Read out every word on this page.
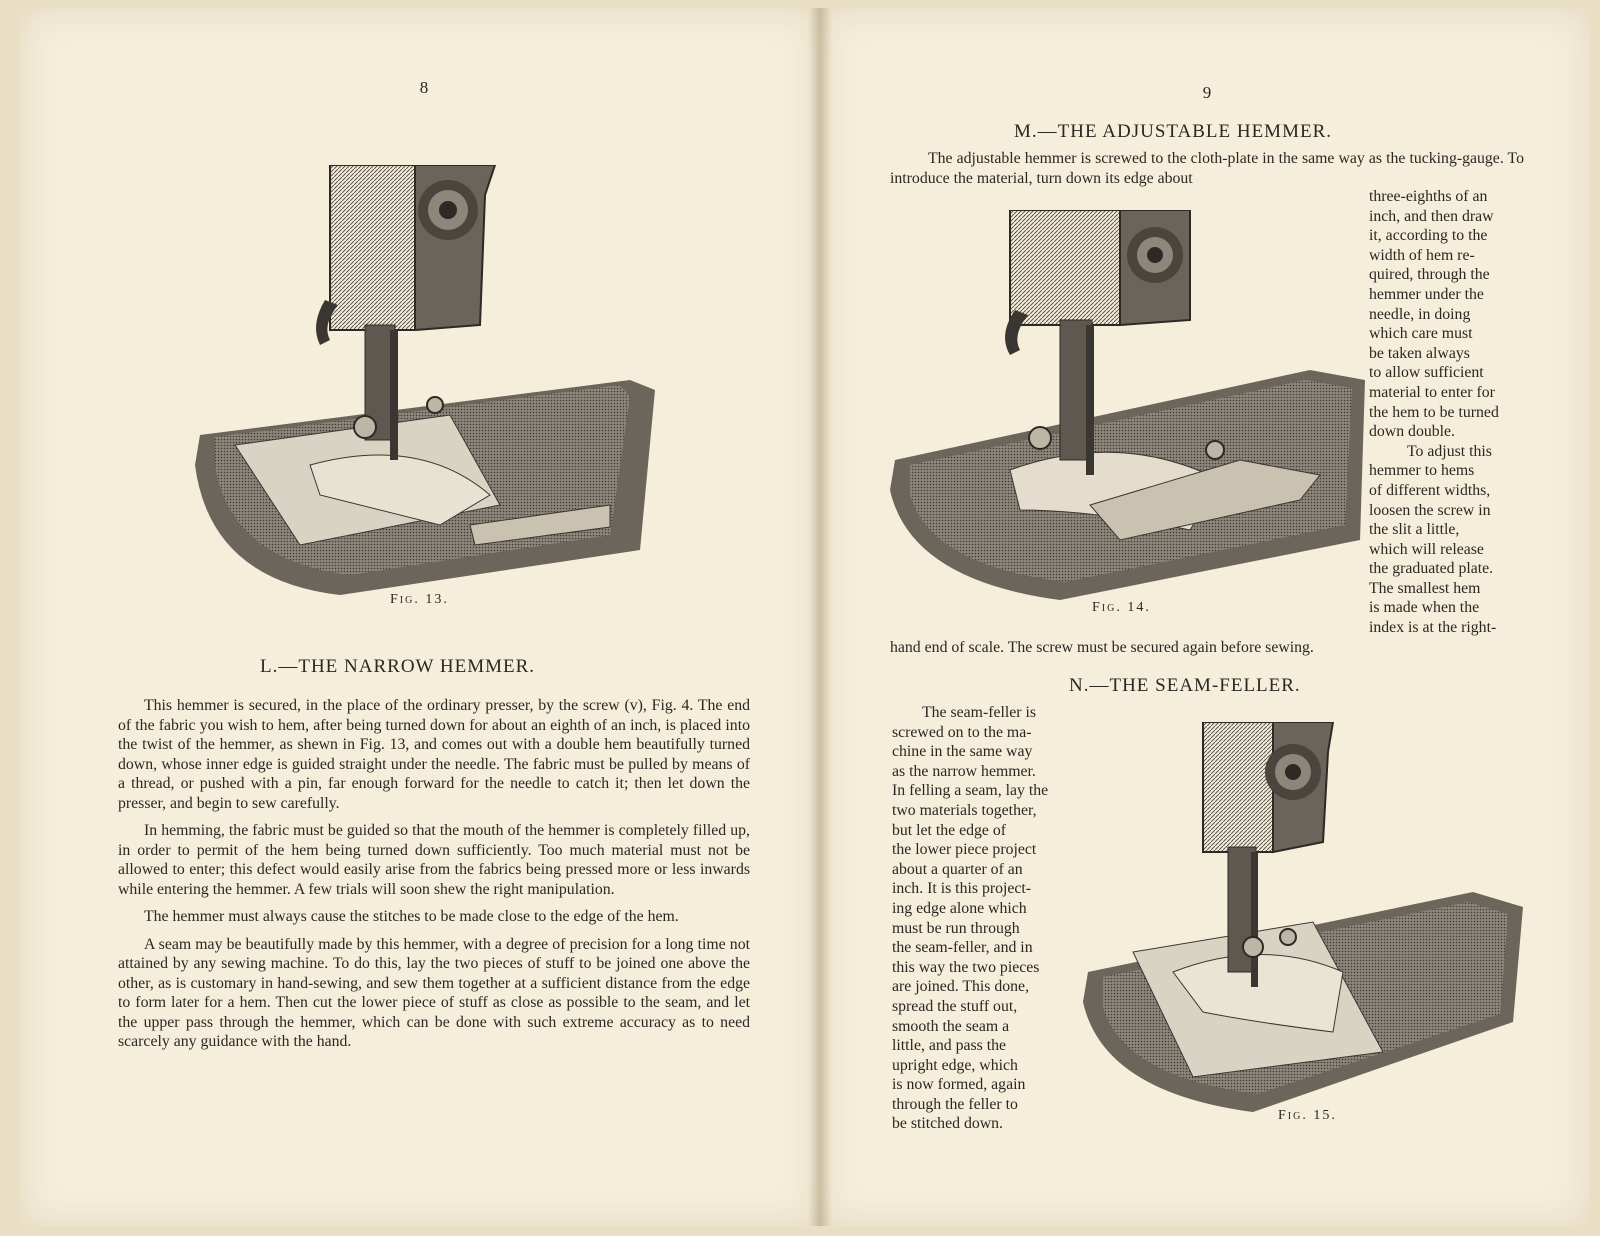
8
Fig. 13.
L.—THE NARROW HEMMER.

This hemmer is secured, in the place of the ordinary presser, by the screw (v), Fig. 4. The end of the fabric you wish to hem, after being turned down for about an eighth of an inch, is placed into the twist of the hemmer, as shewn in Fig. 13, and comes out with a double hem beautifully turned down, whose inner edge is guided straight under the needle. The fabric must be pulled by means of a thread, or pushed with a pin, far enough forward for the needle to catch it; then let down the presser, and begin to sew carefully.

In hemming, the fabric must be guided so that the mouth of the hemmer is completely filled up, in order to permit of the hem being turned down sufficiently. Too much material must not be allowed to enter; this defect would easily arise from the fabrics being pressed more or less inwards while entering the hemmer. A few trials will soon shew the right manipulation.

The hemmer must always cause the stitches to be made close to the edge of the hem.

A seam may be beautifully made by this hemmer, with a degree of precision for a long time not attained by any sewing machine. To do this, lay the two pieces of stuff to be joined one above the other, as is customary in hand-sewing, and sew them together at a sufficient distance from the edge to form later for a hem. Then cut the lower piece of stuff as close as possible to the seam, and let the upper pass through the hemmer, which can be done with such extreme accuracy as to need scarcely any guidance with the hand.

9
M.—THE ADJUSTABLE HEMMER.
The adjustable hemmer is screwed to the cloth-plate in the same way as the tucking-gauge. To introduce the material, turn down its edge about
three-eighths of an
inch, and then draw
it, according to the
width of hem re-
quired, through the
hemmer under the
needle, in doing
which care must
be taken always
to allow sufficient
material to enter for
the hem to be turned
down double.
To adjust this
hemmer to hems
of different widths,
loosen the screw in
the slit a little,
which will release
the graduated plate.
The smallest hem
is made when the
index is at the right-
Fig. 14.
hand end of scale. The screw must be secured again before sewing.
N.—THE SEAM-FELLER.
The seam-feller is
screwed on to the ma-
chine in the same way
as the narrow hemmer.
In felling a seam, lay the
two materials together,
but let the edge of
the lower piece project
about a quarter of an
inch. It is this project-
ing edge alone which
must be run through
the seam-feller, and in
this way the two pieces
are joined. This done,
spread the stuff out,
smooth the seam a
little, and pass the
upright edge, which
is now formed, again
through the feller to
be stitched down.	Fig. 15.
